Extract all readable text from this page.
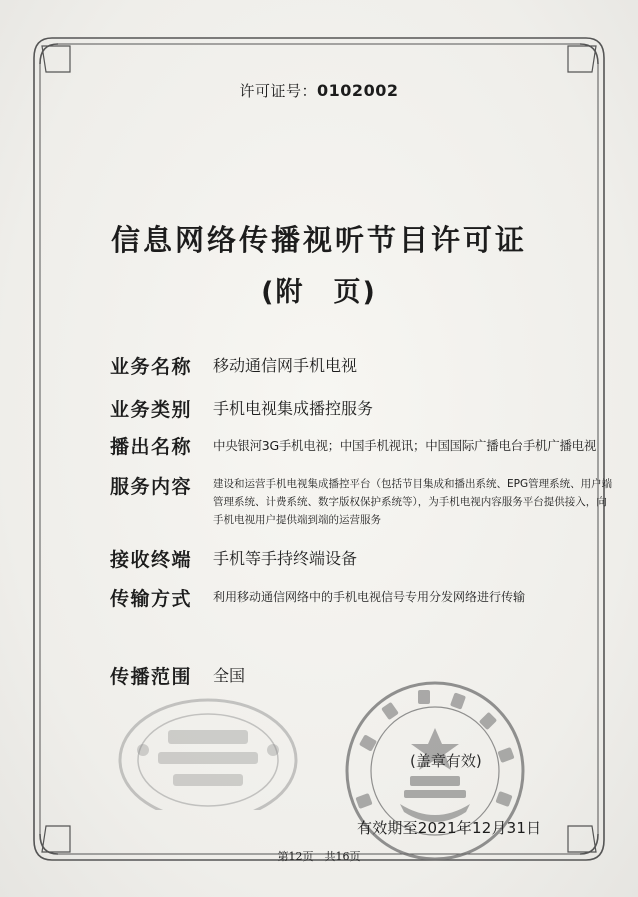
许可证号：0102002
信息网络传播视听节目许可证
(附　页)
业务名称 移动通信网手机电视
业务类别 手机电视集成播控服务
播出名称 中央银河3G手机电视；中国手机视讯；中国国际广播电台手机广播电视
服务内容 建设和运营手机电视集成播控平台（包括节目集成和播出系统、EPG管理系统、用户端管理系统、计费系统、数字版权保护系统等），为手机电视内容服务平台提供接入，向手机电视用户提供端到端的运营服务
接收终端 手机等手持终端设备
传输方式 利用移动通信网络中的手机电视信号专用分发网络进行传输
传播范围 全国
(盖章有效)
有效期至2021年12月31日
第12页　共16页
